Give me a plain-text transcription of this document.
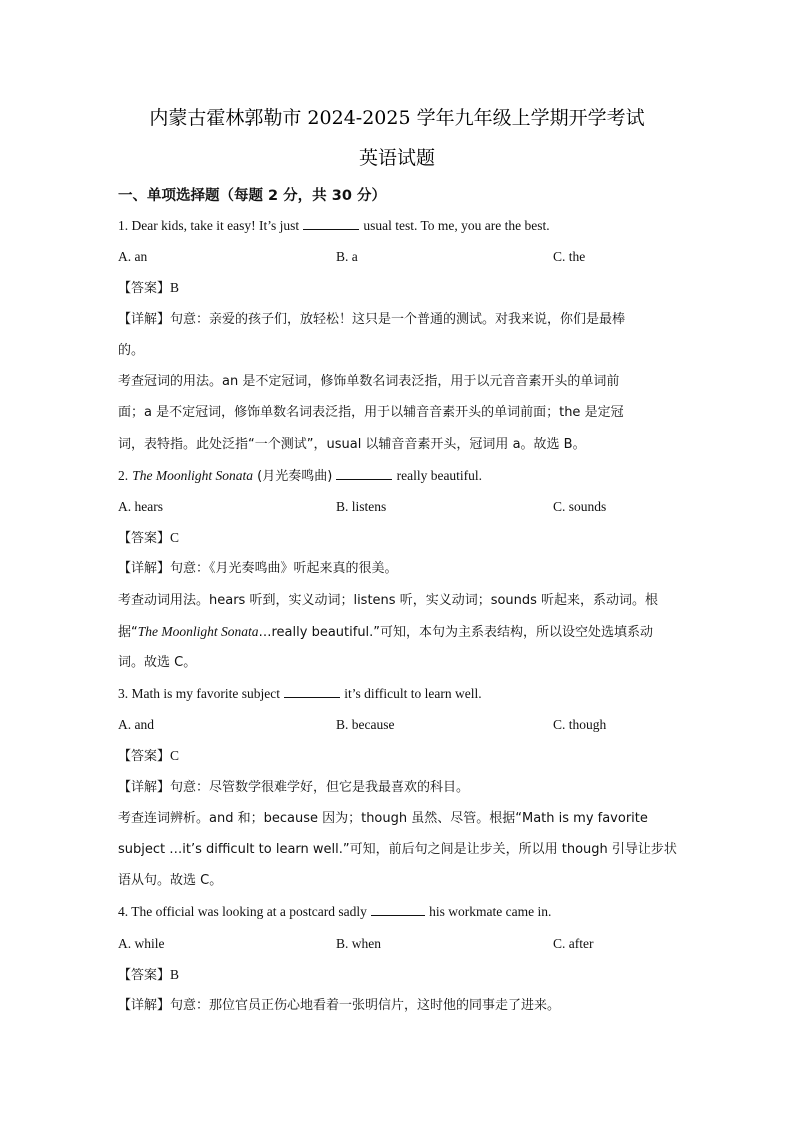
内蒙古霍林郭勒市 2024-2025 学年九年级上学期开学考试
英语试题
一、单项选择题（每题 2 分，共 30 分）
1. Dear kids, take it easy! It’s just	usual test. To me, you are the best.
A. an	B. a	C. the
【答案】B
【详解】句意：亲爱的孩子们，放轻松！这只是一个普通的测试。对我来说，你们是最棒
的。
考查冠词的用法。an 是不定冠词，修饰单数名词表泛指，用于以元音音素开头的单词前
面；a 是不定冠词，修饰单数名词表泛指，用于以辅音音素开头的单词前面；the 是定冠
词，表特指。此处泛指“一个测试”，usual 以辅音音素开头，冠词用 a。故选 B。
2. The Moonlight Sonata (月光奏鸣曲)	really beautiful.
A. hears	B. listens	C. sounds
【答案】C
【详解】句意：《月光奏鸣曲》听起来真的很美。
考查动词用法。hears 听到，实义动词；listens 听，实义动词；sounds 听起来，系动词。根
据“The Moonlight Sonata…really beautiful.”可知，本句为主系表结构，所以设空处选填系动
词。故选 C。
3. Math is my favorite subject	it’s difficult to learn well.
A. and	B. because	C. though
【答案】C
【详解】句意：尽管数学很难学好，但它是我最喜欢的科目。
考查连词辨析。and 和；because 因为；though 虽然、尽管。根据“Math is my favorite
subject …it’s difficult to learn well.”可知，前后句之间是让步关，所以用 though 引导让步状
语从句。故选 C。
4. The official was looking at a postcard sadly	his workmate came in.
A. while	B. when	C. after
【答案】B
【详解】句意：那位官员正伤心地看着一张明信片，这时他的同事走了进来。
